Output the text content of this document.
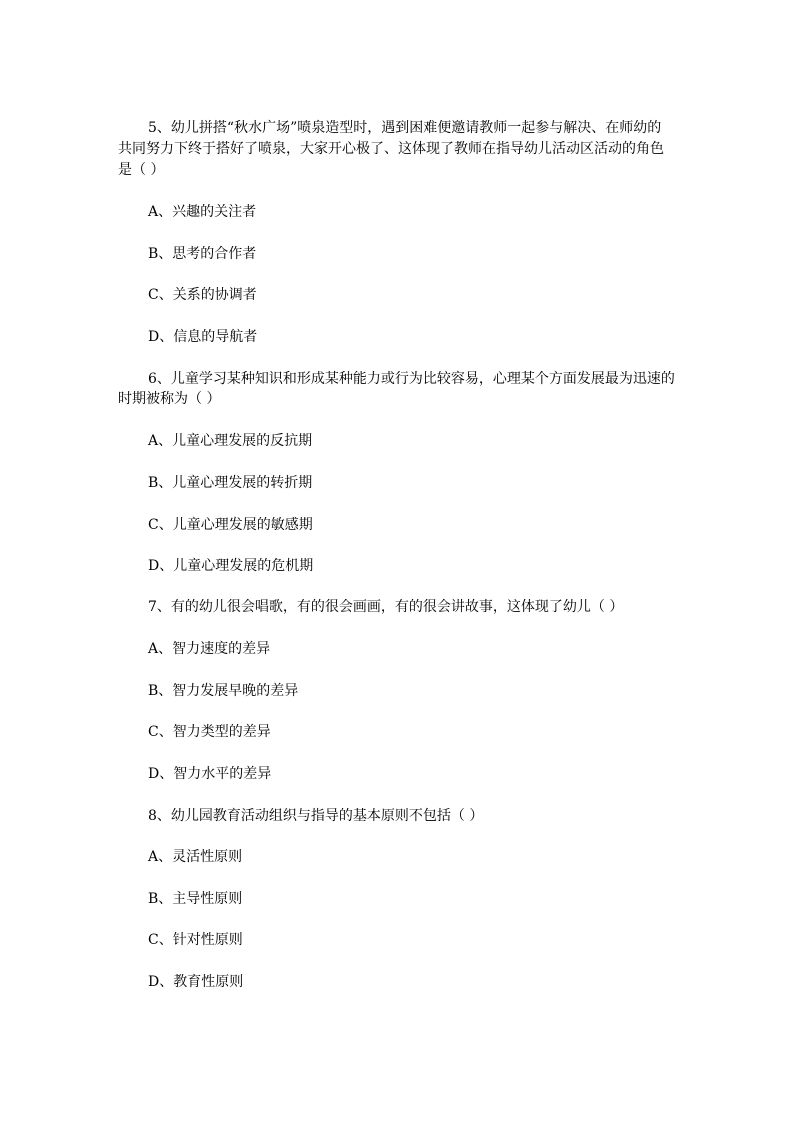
5、幼儿拼搭“秋水广场”喷泉造型时，遇到困难便邀请教师一起参与解决、在师幼的
共同努力下终于搭好了喷泉，大家开心极了、这体现了教师在指导幼儿活动区活动的角色
是（ ）
A、兴趣的关注者
B、思考的合作者
C、关系的协调者
D、信息的导航者
6、儿童学习某种知识和形成某种能力或行为比较容易，心理某个方面发展最为迅速的
时期被称为（ ）
A、儿童心理发展的反抗期
B、儿童心理发展的转折期
C、儿童心理发展的敏感期
D、儿童心理发展的危机期
7、有的幼儿很会唱歌，有的很会画画，有的很会讲故事，这体现了幼儿（ ）
A、智力速度的差异
B、智力发展早晚的差异
C、智力类型的差异
D、智力水平的差异
8、幼儿园教育活动组织与指导的基本原则不包括（ ）
A、灵活性原则
B、主导性原则
C、针对性原则
D、教育性原则
